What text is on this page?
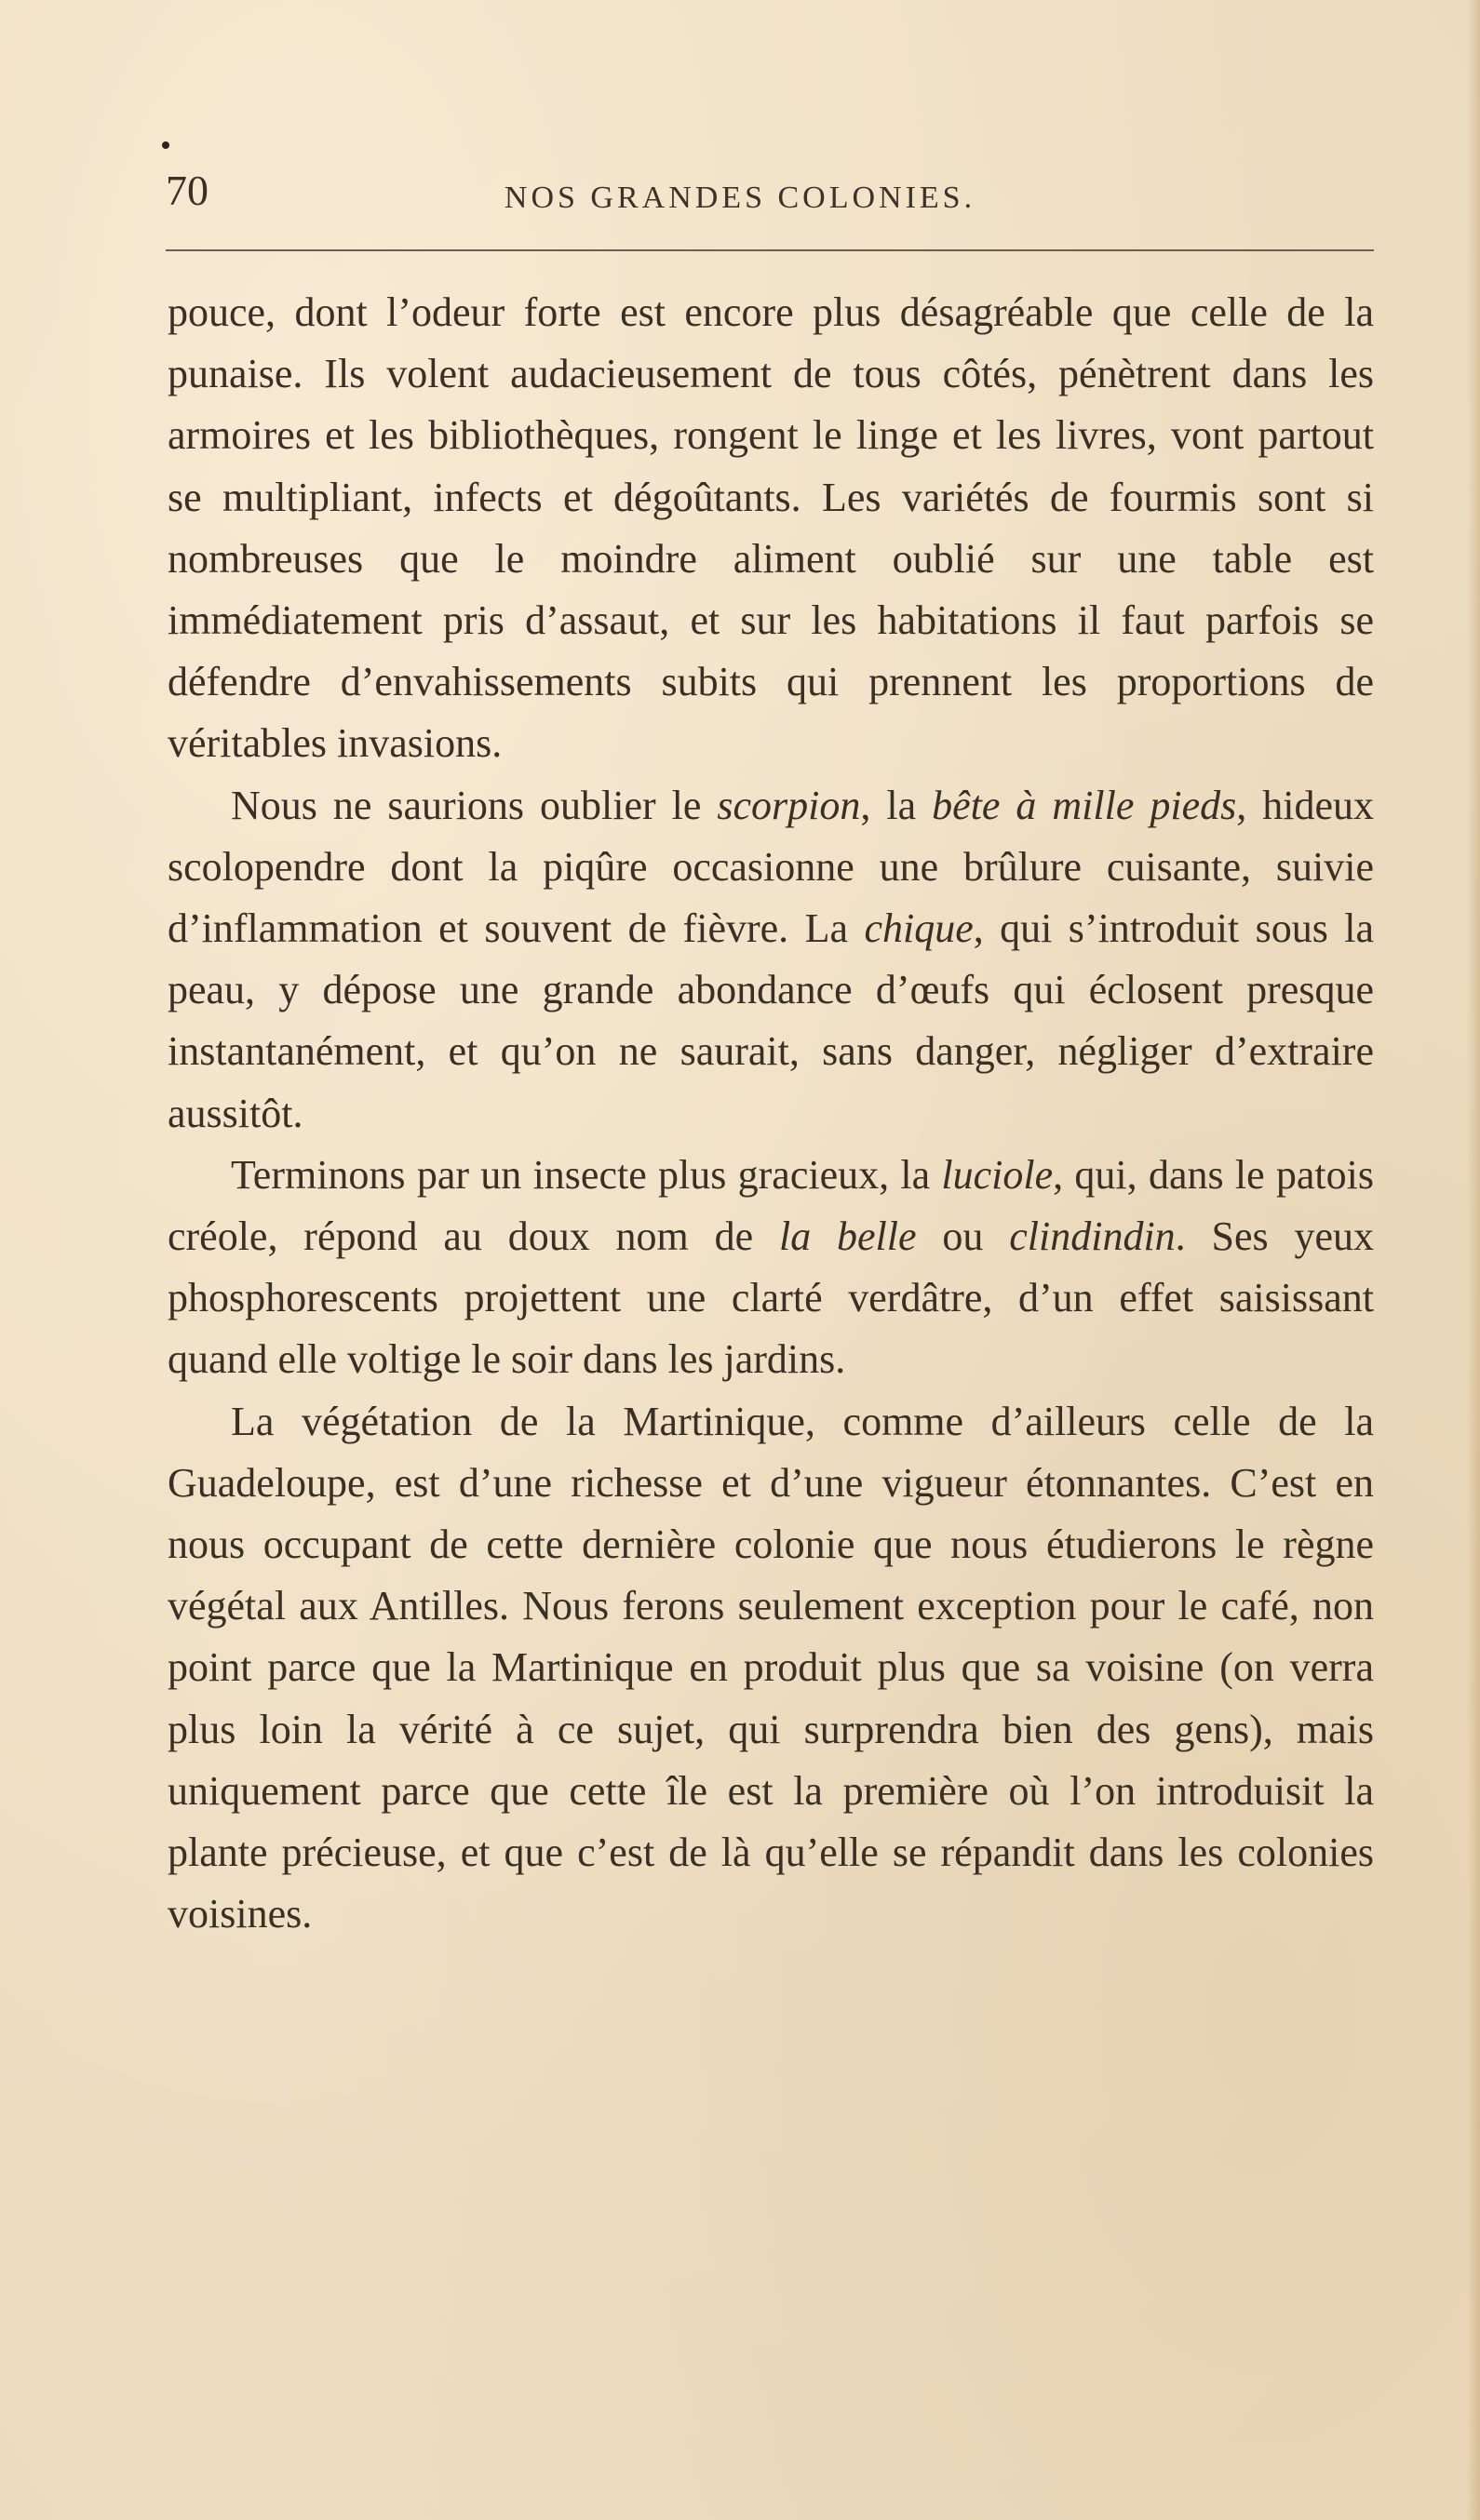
70	NOS GRANDES COLONIES.

pouce, dont l’odeur forte est encore plus désagréable que celle de la punaise. Ils volent audacieusement de tous côtés, pénètrent dans les armoires et les bibliothèques, rongent le linge et les livres, vont partout se multipliant, infects et dégoûtants. Les variétés de fourmis sont si nombreuses que le moindre aliment oublié sur une table est immédiatement pris d’assaut, et sur les habitations il faut parfois se défendre d’envahissements subits qui prennent les proportions de véritables invasions.

Nous ne saurions oublier le scorpion, la bête à mille pieds, hideux scolopendre dont la piqûre occasionne une brûlure cuisante, suivie d’inflammation et souvent de fièvre. La chique, qui s’introduit sous la peau, y dépose une grande abondance d’œufs qui éclosent presque instantanément, et qu’on ne saurait, sans danger, négliger d’extraire aussitôt.

Terminons par un insecte plus gracieux, la luciole, qui, dans le patois créole, répond au doux nom de la belle ou clindindin. Ses yeux phosphorescents projettent une clarté verdâtre, d’un effet saisissant quand elle voltige le soir dans les jardins.

La végétation de la Martinique, comme d’ailleurs celle de la Guadeloupe, est d’une richesse et d’une vigueur étonnantes. C’est en nous occupant de cette dernière colonie que nous étudierons le règne végétal aux Antilles. Nous ferons seulement exception pour le café, non point parce que la Martinique en produit plus que sa voisine (on verra plus loin la vérité à ce sujet, qui surprendra bien des gens), mais uniquement parce que cette île est la première où l’on introduisit la plante précieuse, et que c’est de là qu’elle se répandit dans les colonies voisines.
